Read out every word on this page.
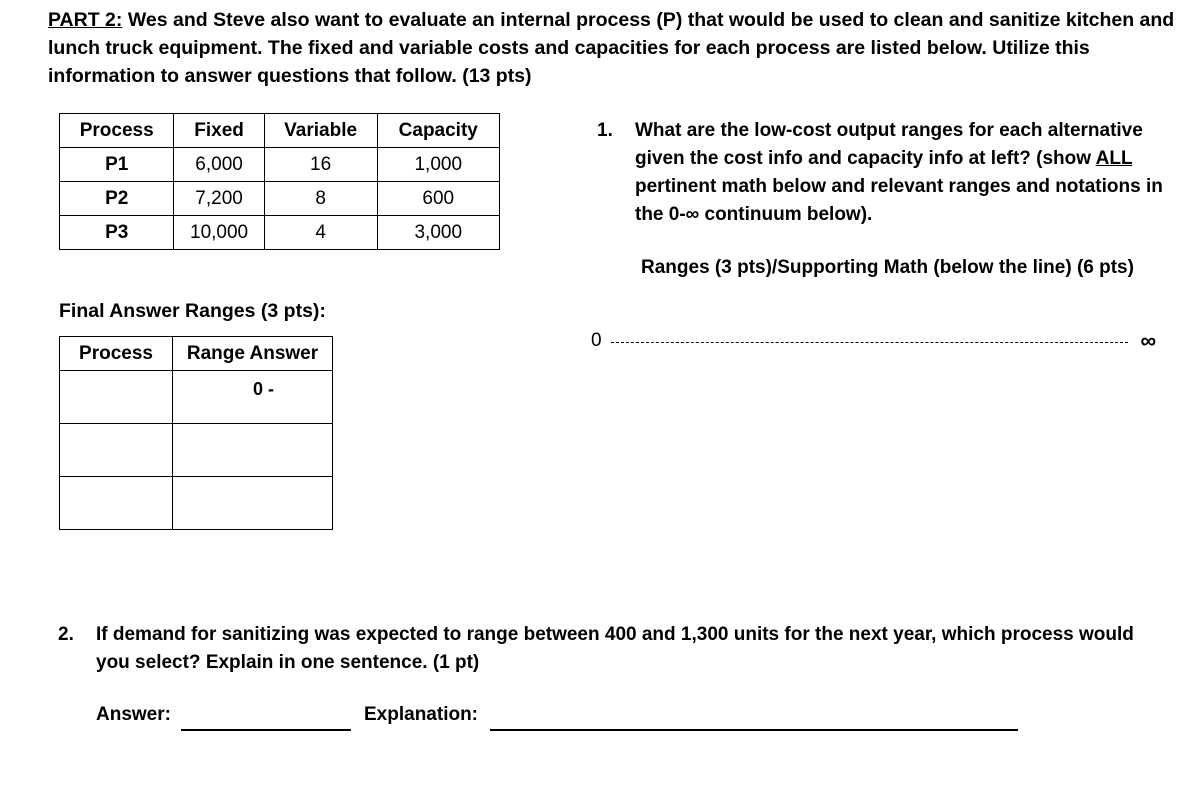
PART 2: Wes and Steve also want to evaluate an internal process (P) that would be used to clean and sanitize kitchen and lunch truck equipment. The fixed and variable costs and capacities for each process are listed below. Utilize this information to answer questions that follow. (13 pts)
Process	Fixed	Variable	Capacity
P1	6,000	16	1,000
P2	7,200	8	600
P3	10,000	4	3,000
Final Answer Ranges (3 pts):
Process	Range Answer
	0 -

1. What are the low-cost output ranges for each alternative given the cost info and capacity info at left? (show ALL pertinent math below and relevant ranges and notations in the 0-∞ continuum below).
Ranges (3 pts)/Supporting Math (below the line) (6 pts)
0	∞
2. If demand for sanitizing was expected to range between 400 and 1,300 units for the next year, which process would you select? Explain in one sentence. (1 pt)
Answer:	Explanation:
